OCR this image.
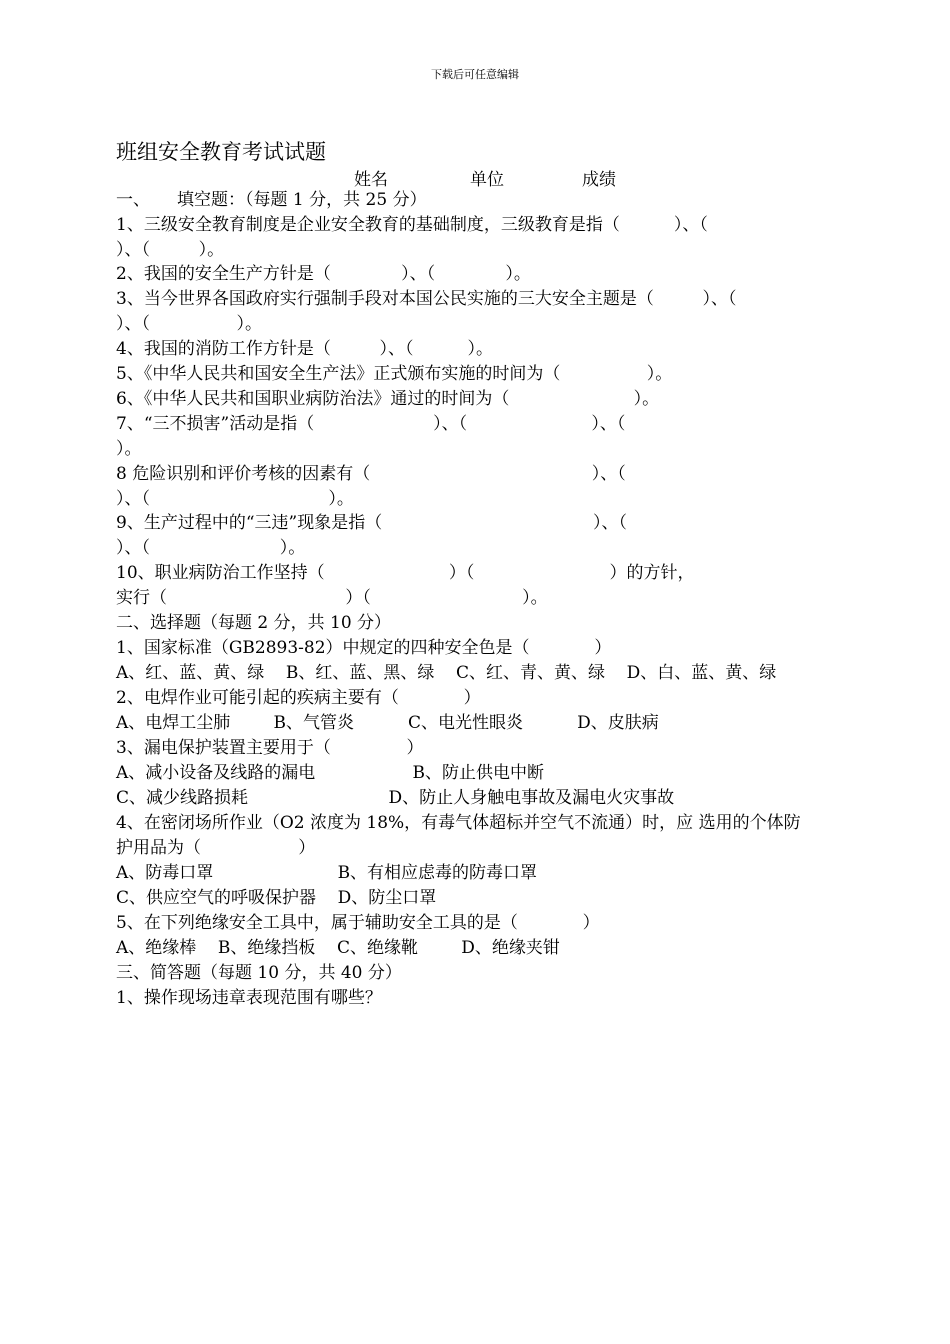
下载后可任意编辑
班组安全教育考试试题
姓名	单位	成绩
一、     填空题：（每题 1 分，共 25 分）
1、三级安全教育制度是企业安全教育的基础制度，三级教育是指（          ）、（
）、（         ）。
2、我国的安全生产方针是（             ）、（             ）。
3、当今世界各国政府实行强制手段对本国公民实施的三大安全主题是（         ）、（
）、（                ）。
4、我国的消防工作方针是（         ）、（          ）。
5、《中华人民共和国安全生产法》正式颁布实施的时间为（                ）。
6、《中华人民共和国职业病防治法》通过的时间为（                       ）。
7、“三不损害”活动是指（                      ）、（                       ）、（
）。
8 危险识别和评价考核的因素有（                                         ）、（
）、（                                 ）。
9、生产过程中的“三违”现象是指（                                       ）、（
）、（                        ）。
10、职业病防治工作坚持（                       ）（                         ）的方针，
实行（                                 ）（                            ）。
二、选择题（每题 2 分，共 10 分）
1、国家标准（GB2893-82）中规定的四种安全色是（            ）
A、红、蓝、黄、绿    B、红、蓝、黑、绿    C、红、青、黄、绿    D、白、蓝、黄、绿
2、电焊作业可能引起的疾病主要有（            ）
A、电焊工尘肺        B、气管炎          C、电光性眼炎          D、皮肤病
3、漏电保护装置主要用于（              ）
A、减小设备及线路的漏电                  B、防止供电中断
C、减少线路损耗                          D、防止人身触电事故及漏电火灾事故
4、在密闭场所作业（O2 浓度为 18%，有毒气体超标并空气不流通）时，应 选用的个体防
护用品为（                  ）
A、防毒口罩                       B、有相应虑毒的防毒口罩
C、供应空气的呼吸保护器    D、防尘口罩
5、在下列绝缘安全工具中，属于辅助安全工具的是（            ）
A、绝缘棒    B、绝缘挡板    C、绝缘靴        D、绝缘夹钳
三、简答题（每题 10 分，共 40 分）
1、操作现场违章表现范围有哪些？
